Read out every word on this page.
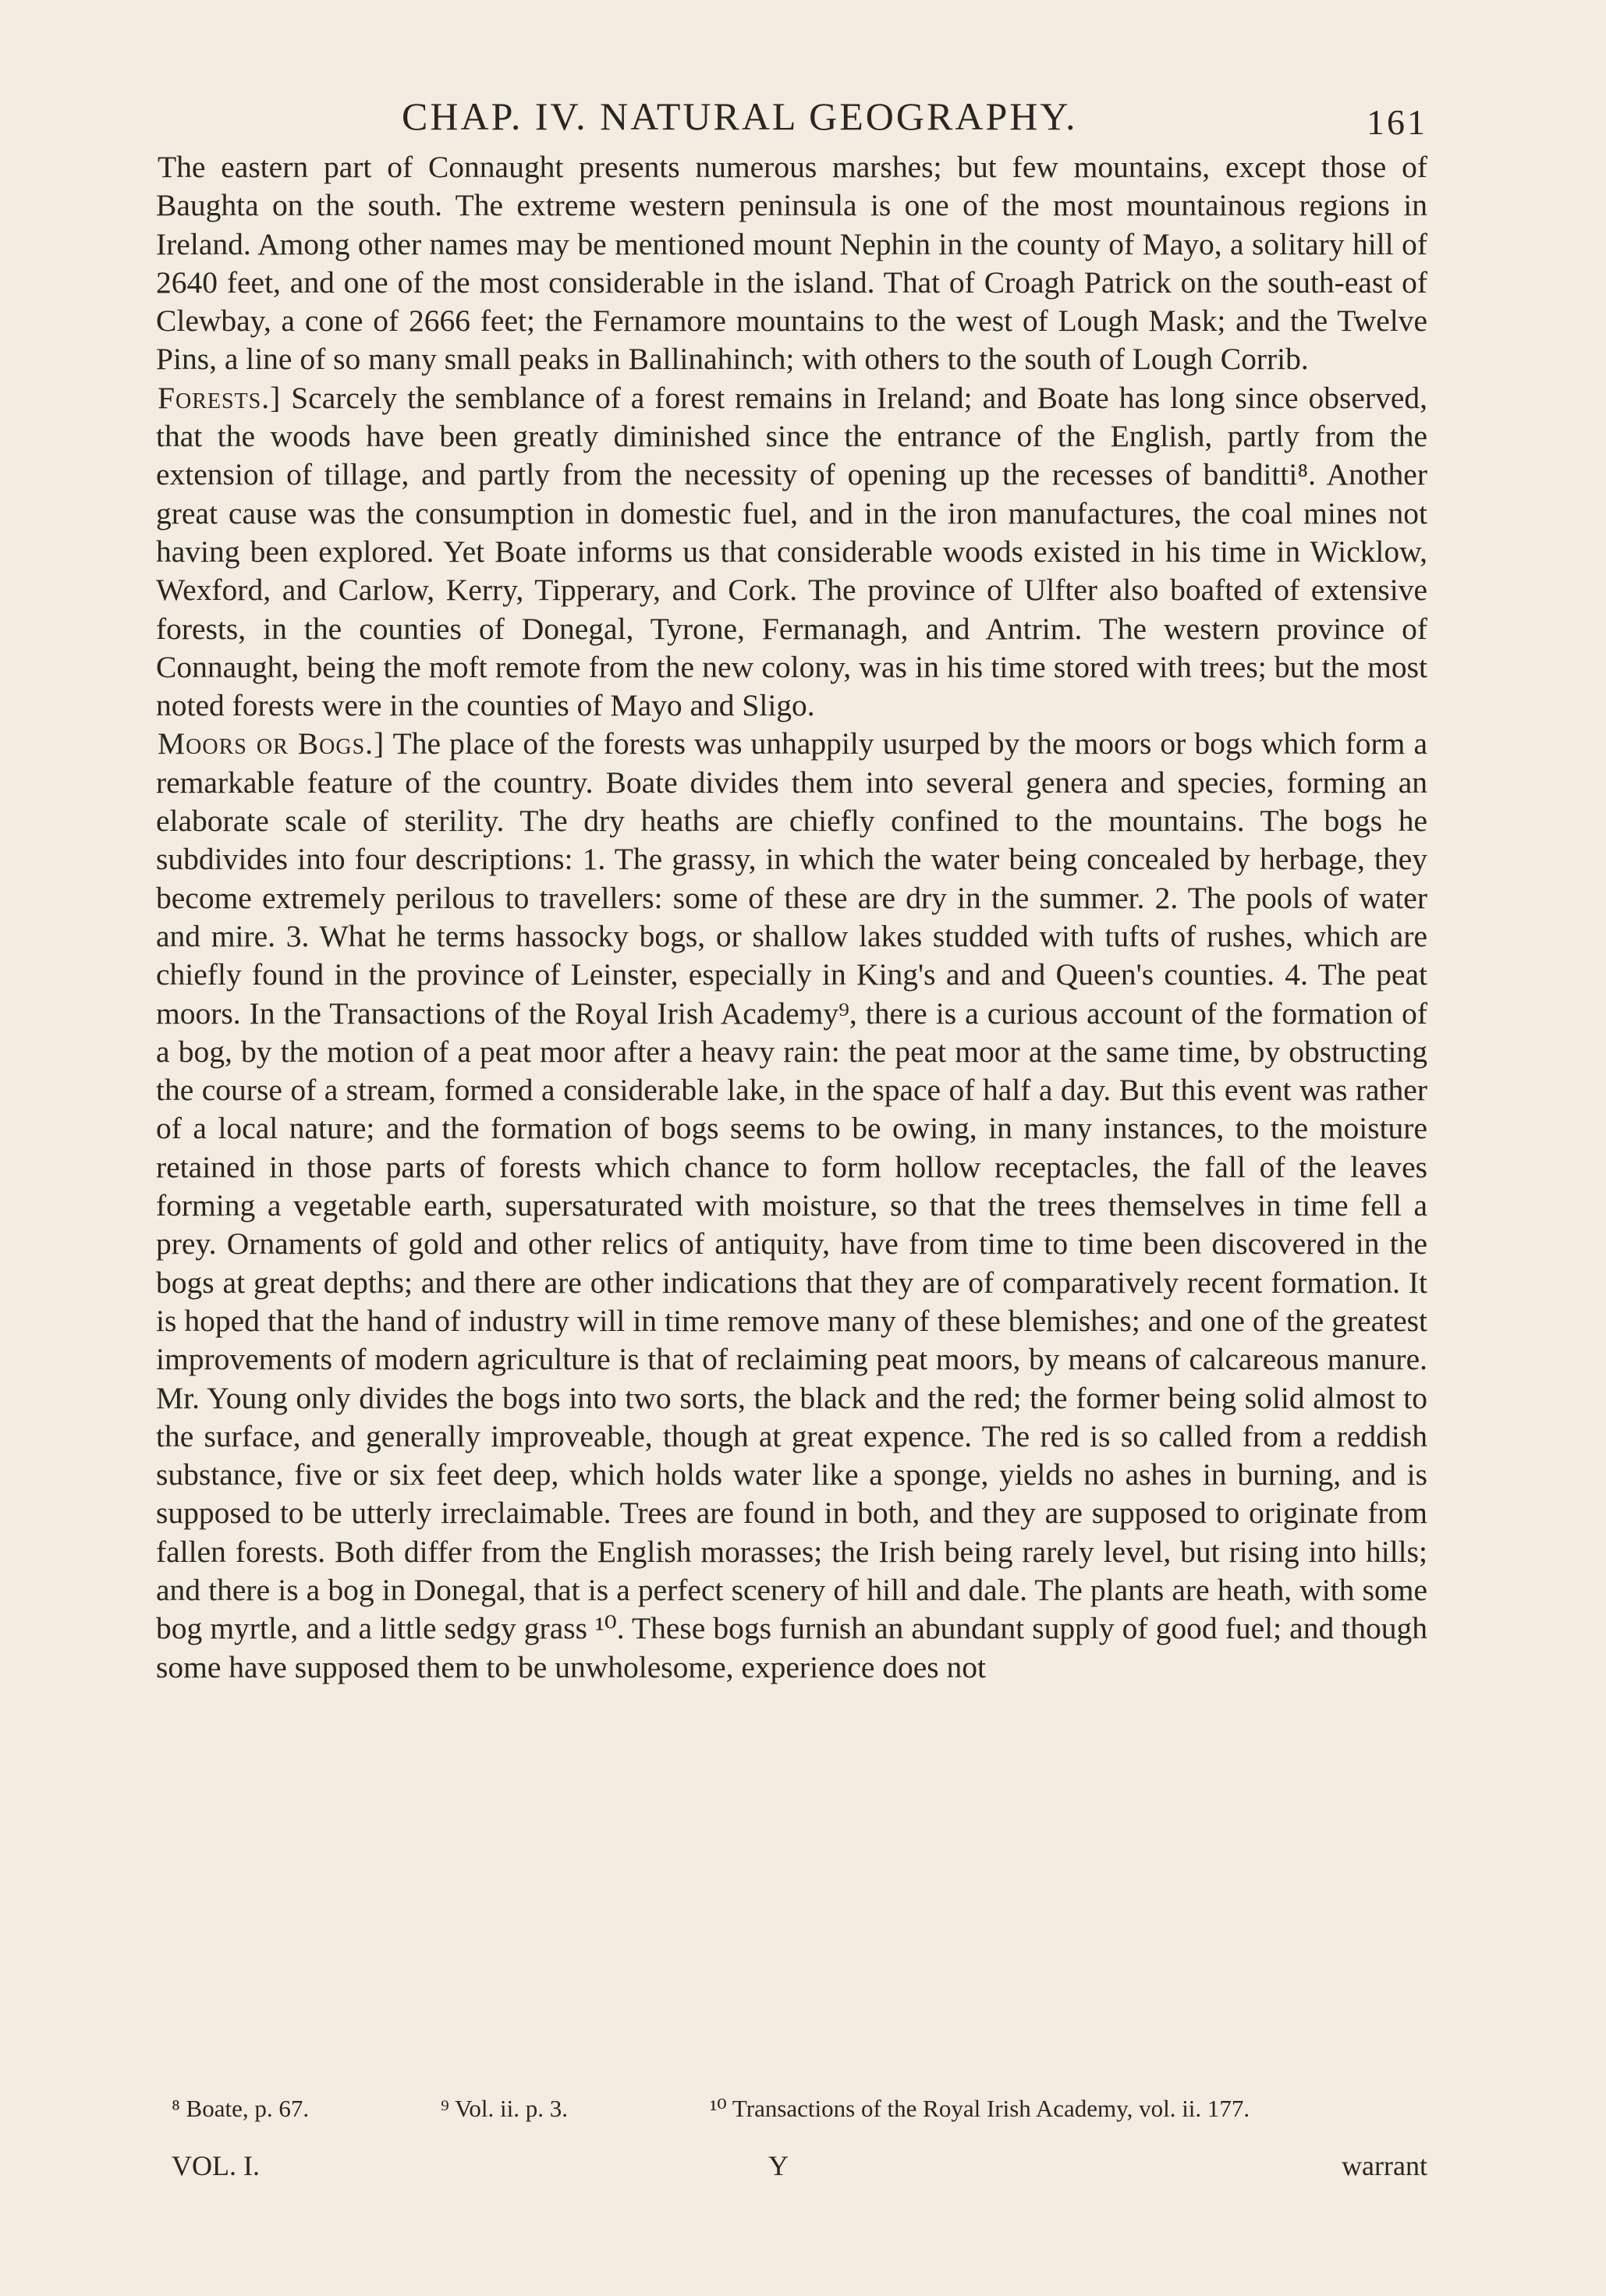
CHAP. IV. NATURAL GEOGRAPHY.	161

The eastern part of Connaught presents numerous marshes; but few mountains, except those of Baughta on the south. The extreme western peninsula is one of the most mountainous regions in Ireland. Among other names may be mentioned mount Nephin in the county of Mayo, a solitary hill of 2640 feet, and one of the most considerable in the island. That of Croagh Patrick on the south-east of Clewbay, a cone of 2666 feet; the Fernamore mountains to the west of Lough Mask; and the Twelve Pins, a line of so many small peaks in Ballinahinch; with others to the south of Lough Corrib.

Forests.] Scarcely the semblance of a forest remains in Ireland; and Boate has long since observed, that the woods have been greatly diminished since the entrance of the English, partly from the extension of tillage, and partly from the necessity of opening up the recesses of banditti⁸. Another great cause was the consumption in domestic fuel, and in the iron manufactures, the coal mines not having been explored. Yet Boate informs us that considerable woods existed in his time in Wicklow, Wexford, and Carlow, Kerry, Tipperary, and Cork. The province of Ulfter also boafted of extensive forests, in the counties of Donegal, Tyrone, Fermanagh, and Antrim. The western province of Connaught, being the moft remote from the new colony, was in his time stored with trees; but the most noted forests were in the counties of Mayo and Sligo.

Moors or Bogs.] The place of the forests was unhappily usurped by the moors or bogs which form a remarkable feature of the country. Boate divides them into several genera and species, forming an elaborate scale of sterility. The dry heaths are chiefly confined to the mountains. The bogs he subdivides into four descriptions: 1. The grassy, in which the water being concealed by herbage, they become extremely perilous to travellers: some of these are dry in the summer. 2. The pools of water and mire. 3. What he terms hassocky bogs, or shallow lakes studded with tufts of rushes, which are chiefly found in the province of Leinster, especially in King's and and Queen's counties. 4. The peat moors. In the Transactions of the Royal Irish Academy⁹, there is a curious account of the formation of a bog, by the motion of a peat moor after a heavy rain: the peat moor at the same time, by obstructing the course of a stream, formed a considerable lake, in the space of half a day. But this event was rather of a local nature; and the formation of bogs seems to be owing, in many instances, to the moisture retained in those parts of forests which chance to form hollow receptacles, the fall of the leaves forming a vegetable earth, supersaturated with moisture, so that the trees themselves in time fell a prey. Ornaments of gold and other relics of antiquity, have from time to time been discovered in the bogs at great depths; and there are other indications that they are of comparatively recent formation. It is hoped that the hand of industry will in time remove many of these blemishes; and one of the greatest improvements of modern agriculture is that of reclaiming peat moors, by means of calcareous manure. Mr. Young only divides the bogs into two sorts, the black and the red; the former being solid almost to the surface, and generally improveable, though at great expence. The red is so called from a reddish substance, five or six feet deep, which holds water like a sponge, yields no ashes in burning, and is supposed to be utterly irreclaimable. Trees are found in both, and they are supposed to originate from fallen forests. Both differ from the English morasses; the Irish being rarely level, but rising into hills; and there is a bog in Donegal, that is a perfect scenery of hill and dale. The plants are heath, with some bog myrtle, and a little sedgy grass ¹⁰. These bogs furnish an abundant supply of good fuel; and though some have supposed them to be unwholesome, experience does not

⁸ Boate, p. 67.	⁹ Vol. ii. p. 3.	¹⁰ Transactions of the Royal Irish Academy, vol. ii. 177.
VOL. I.	Y	warrant
